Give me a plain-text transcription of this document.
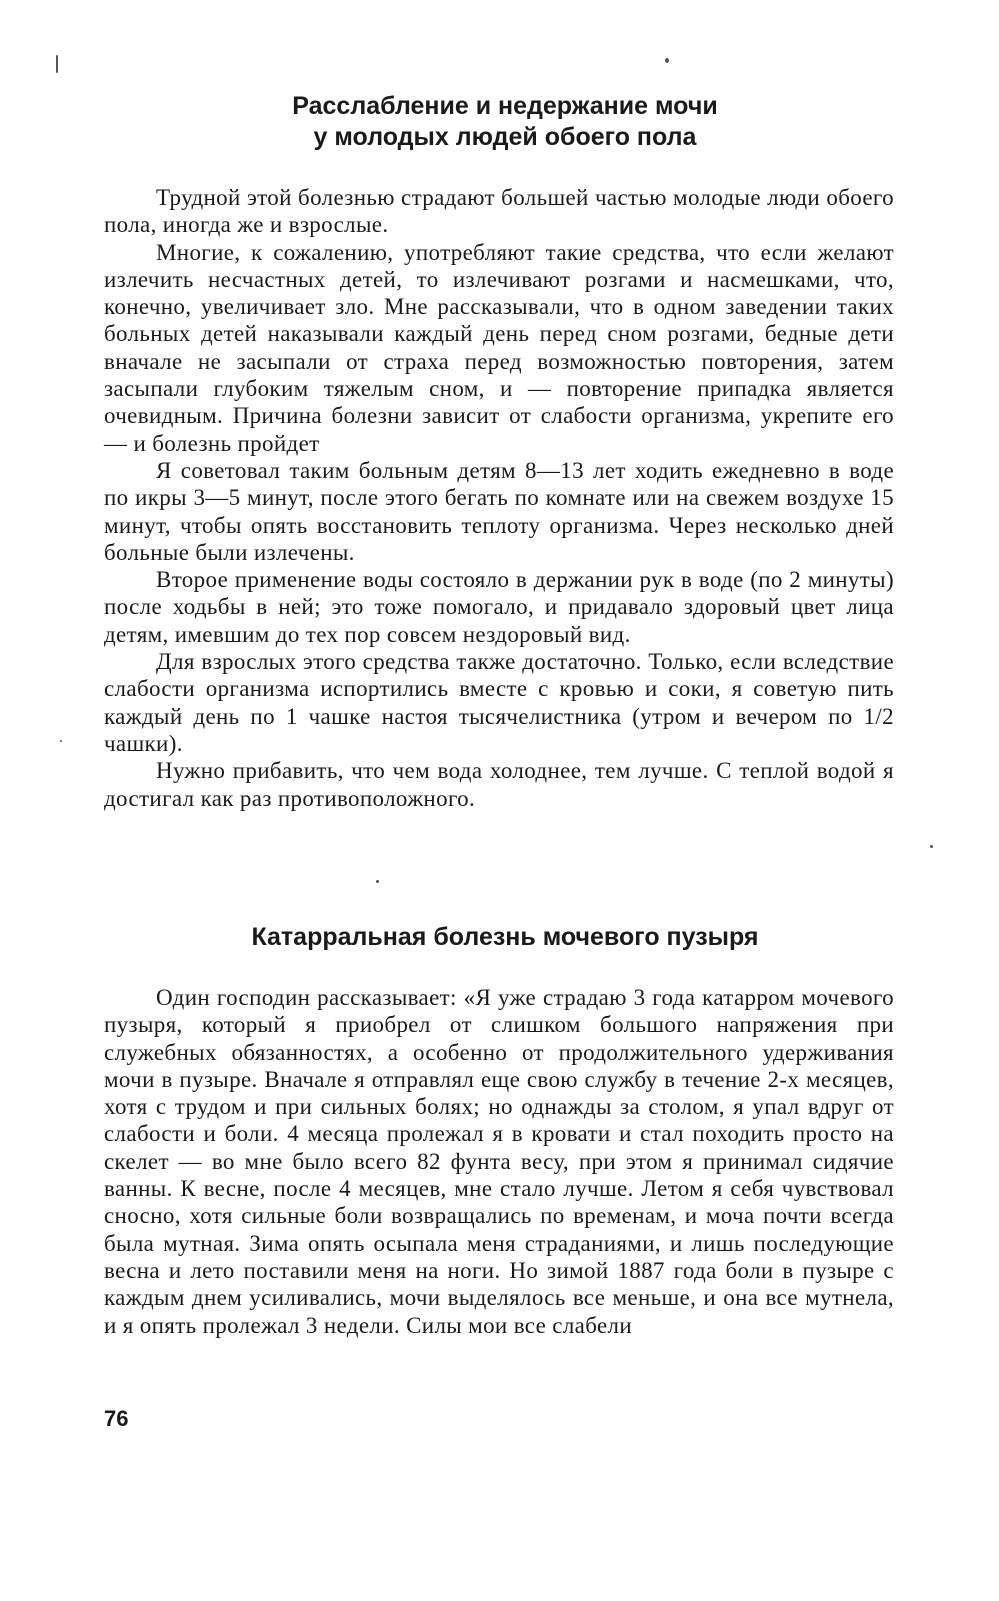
Расслабление и недержание мочи
у молодых людей обоего пола

Трудной этой болезнью страдают большей частью молодые люди обоего пола, иногда же и взрослые.

Многие, к сожалению, употребляют такие средства, что если желают излечить несчастных детей, то излечивают розгами и насмешками, что, конечно, увеличивает зло. Мне рассказывали, что в одном заведении таких больных детей наказывали каждый день перед сном розгами, бедные дети вначале не засыпали от страха перед возможностью повторения, затем засыпали глубоким тяжелым сном, и — повторение припадка является очевидным. Причина болезни зависит от слабости организма, укрепите его — и болезнь пройдет

Я советовал таким больным детям 8—13 лет ходить ежедневно в воде по икры 3—5 минут, после этого бегать по комнате или на свежем воздухе 15 минут, чтобы опять восстановить теплоту организма. Через несколько дней больные были излечены.

Второе применение воды состояло в держании рук в воде (по 2 минуты) после ходьбы в ней; это тоже помогало, и придавало здоровый цвет лица детям, имевшим до тех пор совсем нездоровый вид.

Для взрослых этого средства также достаточно. Только, если вследствие слабости организма испортились вместе с кровью и соки, я советую пить каждый день по 1 чашке настоя тысячелистника (утром и вечером по 1/2 чашки).

Нужно прибавить, что чем вода холоднее, тем лучше. С теплой водой я достигал как раз противоположного.

Катарральная болезнь мочевого пузыря

Один господин рассказывает: «Я уже страдаю 3 года катарром мочевого пузыря, который я приобрел от слишком большого напряжения при служебных обязанностях, а особенно от продолжительного удерживания мочи в пузыре. Вначале я отправлял еще свою службу в течение 2-х месяцев, хотя с трудом и при сильных болях; но однажды за столом, я упал вдруг от слабости и боли. 4 месяца пролежал я в кровати и стал походить просто на скелет — во мне было всего 82 фунта весу, при этом я принимал сидячие ванны. К весне, после 4 месяцев, мне стало лучше. Летом я себя чувствовал сносно, хотя сильные боли возвращались по временам, и моча почти всегда была мутная. Зима опять осыпала меня страданиями, и лишь последующие весна и лето поставили меня на ноги. Но зимой 1887 года боли в пузыре с каждым днем усиливались, мочи выделялось все меньше, и она все мутнела, и я опять пролежал 3 недели. Силы мои все слабели

76
